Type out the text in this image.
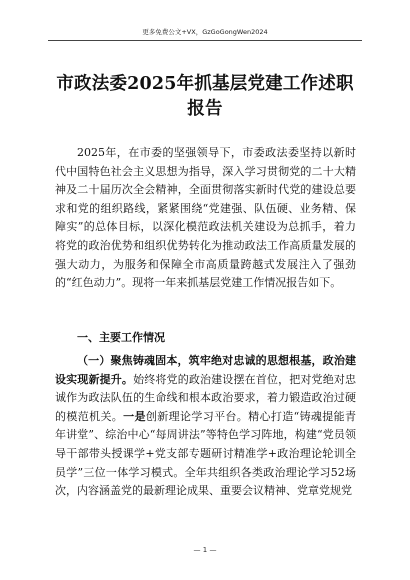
更多免费公文+VX，GzGoGongWen2024
市政法委2025年抓基层党建工作述职报告

2025年，在市委的坚强领导下，市委政法委坚持以新时代中国特色社会主义思想为指导，深入学习贯彻党的二十大精神及二十届历次全会精神，全面贯彻落实新时代党的建设总要求和党的组织路线，紧紧围绕“党建强、队伍硬、业务精、保障实”的总体目标，以深化模范政法机关建设为总抓手，着力将党的政治优势和组织优势转化为推动政法工作高质量发展的强大动力，为服务和保障全市高质量跨越式发展注入了强劲的“红色动力”。现将一年来抓基层党建工作情况报告如下。

一、主要工作情况

（一）聚焦铸魂固本，筑牢绝对忠诚的思想根基，政治建设实现新提升。始终将党的政治建设摆在首位，把对党绝对忠诚作为政法队伍的生命线和根本政治要求，着力锻造政治过硬的模范机关。一是创新理论学习平台。精心打造“铸魂提能青年讲堂”、综治中心“每周讲法”等特色学习阵地，构建“党员领导干部带头授课学+党支部专题研讨精准学+政治理论轮训全员学”三位一体学习模式。全年共组织各类政治理论学习52场次，内容涵盖党的最新理论成果、重要会议精神、党章党规党

— 1 —
